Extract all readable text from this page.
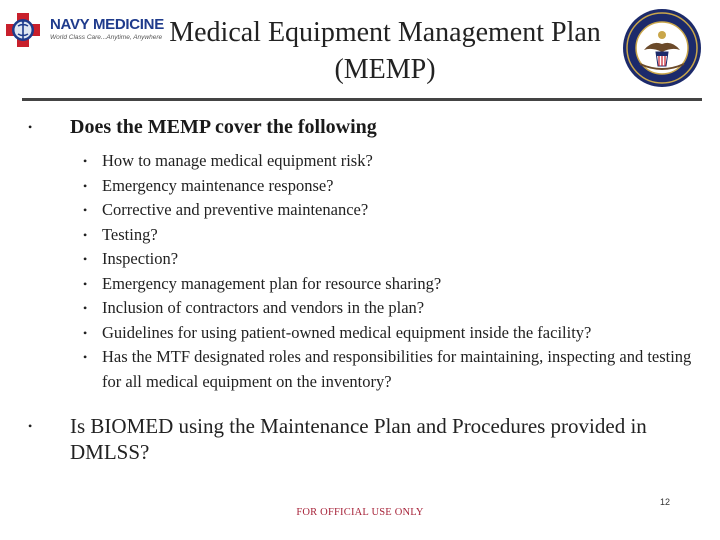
NAVY MEDICINE
World Class Care...Anytime, Anywhere Medical Equipment Management Plan (MEMP)
• Does the MEMP cover the following
• How to manage medical equipment risk?
• Emergency maintenance response?
• Corrective and preventive maintenance?
• Testing?
• Inspection?
• Emergency management plan for resource sharing?
• Inclusion of contractors and vendors in the plan?
• Guidelines for using patient-owned medical equipment inside the facility?
• Has the MTF designated roles and responsibilities for maintaining, inspecting and testing for all medical equipment on the inventory?
• Is BIOMED using the Maintenance Plan and Procedures provided in DMLSS?
12
FOR OFFICIAL USE ONLY
